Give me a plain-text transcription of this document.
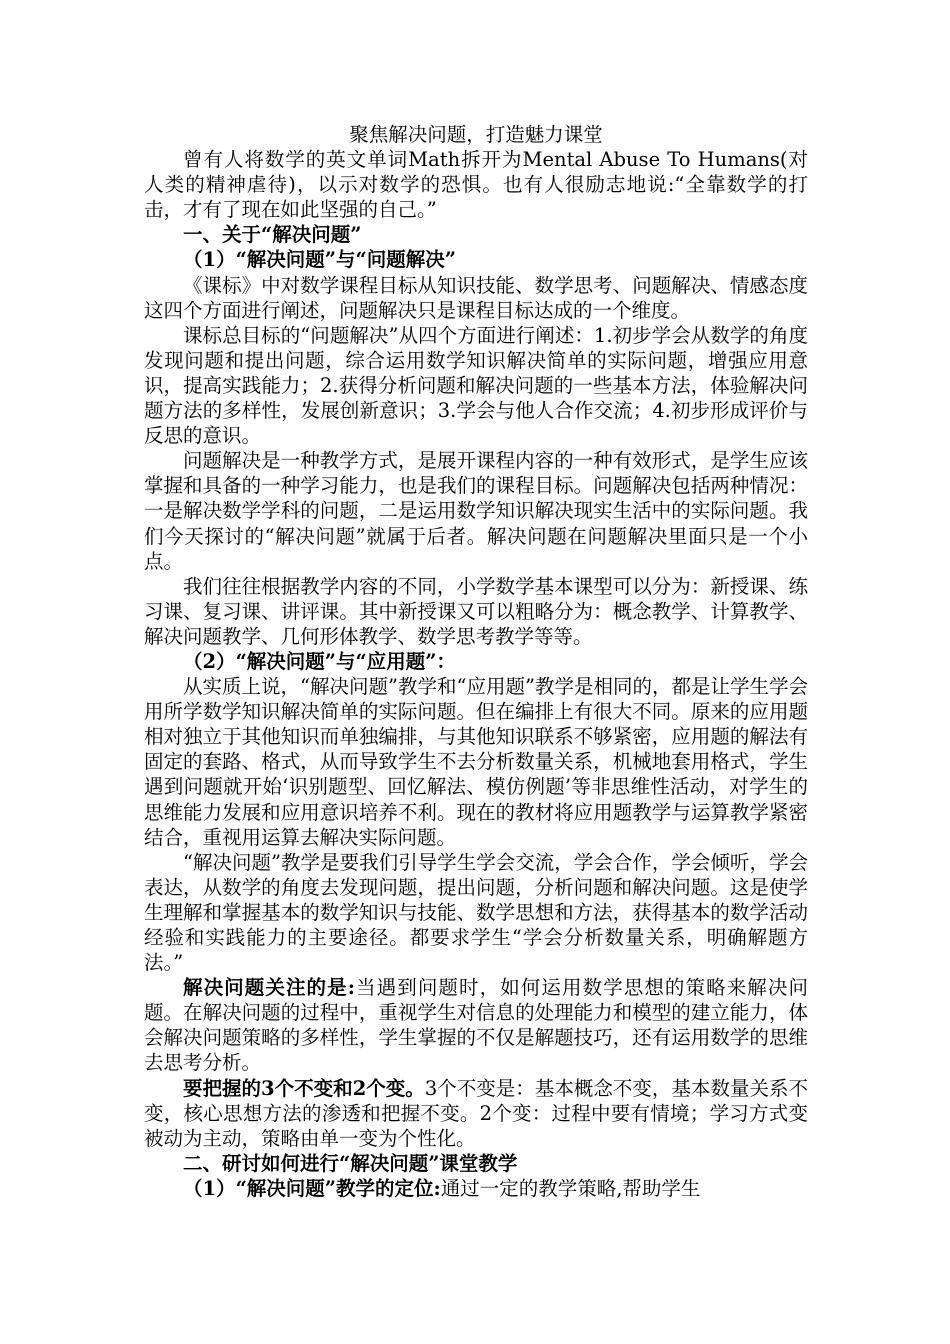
聚焦解决问题，打造魅力课堂

曾有人将数学的英文单词Math拆开为Mental Abuse To Humans(对人类的精神虐待)，以示对数学的恐惧。也有人很励志地说:“全靠数学的打击，才有了现在如此坚强的自己。”

一、关于“解决问题”
（1）“解决问题”与“问题解决”

《课标》中对数学课程目标从知识技能、数学思考、问题解决、情感态度这四个方面进行阐述，问题解决只是课程目标达成的一个维度。

课标总目标的“问题解决”从四个方面进行阐述：1.初步学会从数学的角度发现问题和提出问题，综合运用数学知识解决简单的实际问题，增强应用意识，提高实践能力；2.获得分析问题和解决问题的一些基本方法，体验解决问题方法的多样性，发展创新意识；3.学会与他人合作交流；4.初步形成评价与反思的意识。

问题解决是一种教学方式，是展开课程内容的一种有效形式，是学生应该掌握和具备的一种学习能力，也是我们的课程目标。问题解决包括两种情况：一是解决数学学科的问题，二是运用数学知识解决现实生活中的实际问题。我们今天探讨的“解决问题”就属于后者。解决问题在问题解决里面只是一个小点。

我们往往根据教学内容的不同，小学数学基本课型可以分为：新授课、练习课、复习课、讲评课。其中新授课又可以粗略分为：概念教学、计算教学、解决问题教学、几何形体教学、数学思考教学等等。

（2）“解决问题”与“应用题”：

从实质上说，“解决问题”教学和“应用题”教学是相同的，都是让学生学会用所学数学知识解决简单的实际问题。但在编排上有很大不同。原来的应用题相对独立于其他知识而单独编排，与其他知识联系不够紧密，应用题的解法有固定的套路、格式，从而导致学生不去分析数量关系，机械地套用格式，学生遇到问题就开始‘识别题型、回忆解法、模仿例题’等非思维性活动，对学生的思维能力发展和应用意识培养不利。现在的教材将应用题教学与运算教学紧密结合，重视用运算去解决实际问题。

“解决问题”教学是要我们引导学生学会交流，学会合作，学会倾听，学会表达，从数学的角度去发现问题，提出问题，分析问题和解决问题。这是使学生理解和掌握基本的数学知识与技能、数学思想和方法，获得基本的数学活动经验和实践能力的主要途径。都要求学生“学会分析数量关系，明确解题方法。”

解决问题关注的是:当遇到问题时，如何运用数学思想的策略来解决问题。在解决问题的过程中，重视学生对信息的处理能力和模型的建立能力，体会解决问题策略的多样性，学生掌握的不仅是解题技巧，还有运用数学的思维去思考分析。

要把握的3个不变和2个变。3个不变是：基本概念不变，基本数量关系不变，核心思想方法的渗透和把握不变。2个变：过程中要有情境；学习方式变被动为主动，策略由单一变为个性化。

二、研讨如何进行“解决问题”课堂教学

（1）“解决问题”教学的定位:通过一定的教学策略,帮助学生
